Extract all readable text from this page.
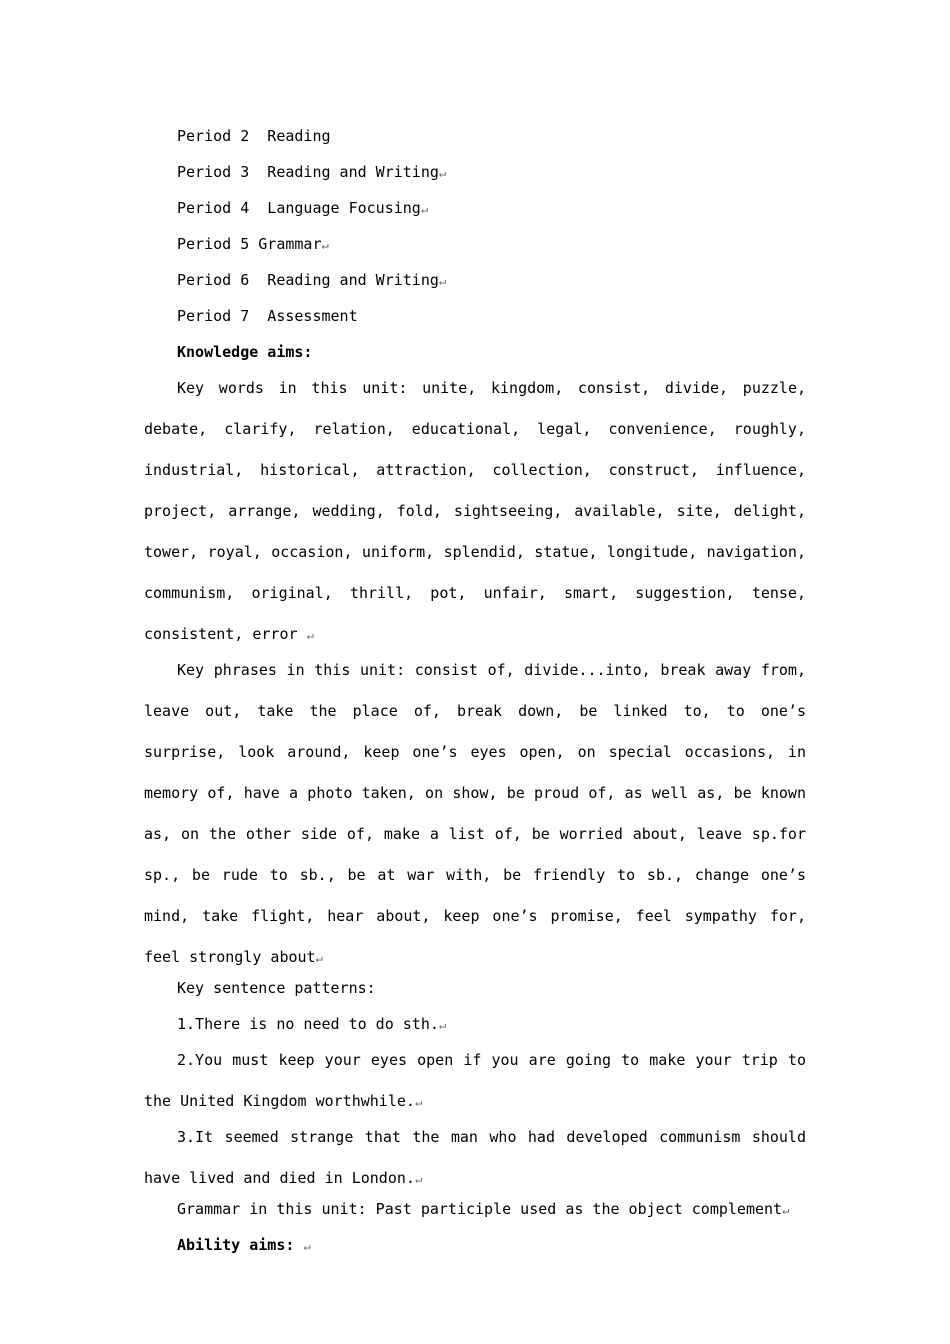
Period 2  Reading
Period 3  Reading and Writing↵
Period 4  Language Focusing↵
Period 5 Grammar↵
Period 6  Reading and Writing↵
Period 7  Assessment
Knowledge aims:

Key words in this unit: unite, kingdom, consist, divide, puzzle, debate, clarify, relation, educational, legal, convenience, roughly, industrial, historical, attraction, collection, construct, influence, project, arrange, wedding, fold, sightseeing, available, site, delight, tower, royal, occasion, uniform, splendid, statue, longitude, navigation, communism, original, thrill, pot, unfair, smart, suggestion, tense, consistent, error ↵

Key phrases in this unit: consist of, divide...into, break away from, leave out, take the place of, break down, be linked to, to one’s surprise, look around, keep one’s eyes open, on special occasions, in memory of, have a photo taken, on show, be proud of, as well as, be known as, on the other side of, make a list of, be worried about, leave sp.for sp., be rude to sb., be at war with, be friendly to sb., change one’s mind, take flight, hear about, keep one’s promise, feel sympathy for, feel strongly about↵

Key sentence patterns:
1.There is no need to do sth.↵

2.You must keep your eyes open if you are going to make your trip to the United Kingdom worthwhile.↵

3.It seemed strange that the man who had developed communism should have lived and died in London.↵

Grammar in this unit: Past participle used as the object complement↵
Ability aims: ↵
